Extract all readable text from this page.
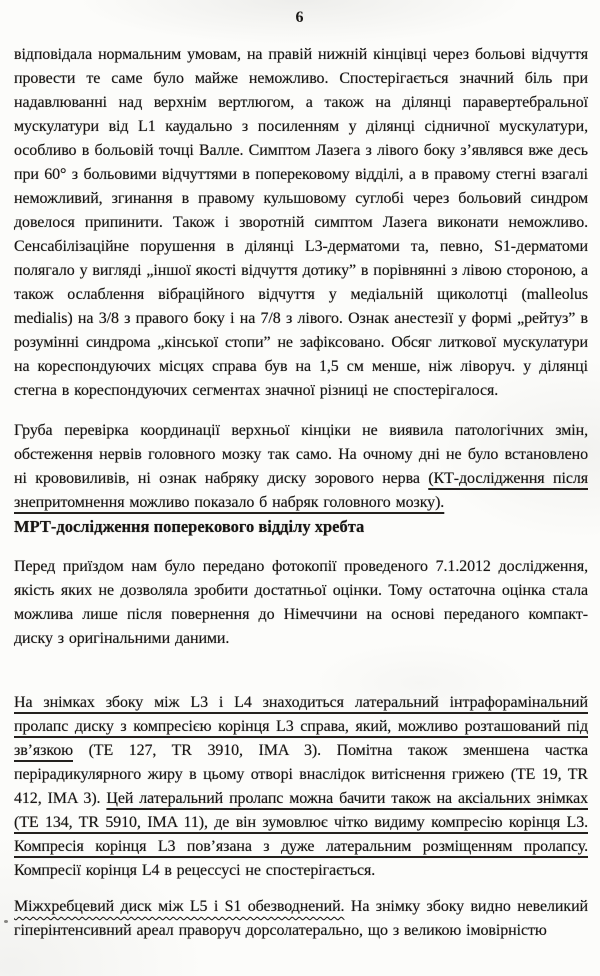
6

відповідала нормальним умовам, на правій нижній кінцівці через больові відчуття провести те саме було майже неможливо. Спостерігається значний біль при надавлюванні над верхнім вертлюгом, а також на ділянці паравертебральної мускулатури від L1 каудально з посиленням у ділянці сідничної мускулатури, особливо в больовій точці Валле. Симптом Лазега з лівого боку з’являвся вже десь при 60° з больовими відчуттями в поперековому відділі, а в правому стегні взагалі неможливий, згинання в правому кульшовому суглобі через больовий синдром довелося припинити. Також і зворотній симптом Лазега виконати неможливо. Сенсабілізаційне порушення в ділянці L3-дерматоми та, певно, S1-дерматоми полягало у вигляді „іншої якості відчуття дотику” в порівнянні з лівою стороною, а також ослаблення вібраційного відчуття у медіальній щиколотці (malleolus medialis) на 3/8 з правого боку і на 7/8 з лівого. Ознак анестезії у формі „рейтуз” в розумінні синдрома „кінської стопи” не зафіксовано. Обсяг литкової мускулатури на кореспондуючих місцях справа був на 1,5 см менше, ніж ліворуч. у ділянці стегна в кореспондуючих сегментах значної різниці не спостерігалося.

Груба перевірка координації верхньої кінціки не виявила патологічних змін, обстеження нервів головного мозку так само. На очному дні не було встановлено ні крововиливів, ні ознак набряку диску зорового нерва (КТ-дослідження після знепритомнення можливо показало б набряк головного мозку).

МРТ-дослідження поперекового відділу хребта

Перед приїздом нам було передано фотокопії проведеного 7.1.2012 дослідження, якість яких не дозволяла зробити достатньої оцінки. Тому остаточна оцінка стала можлива лише після повернення до Німеччини на основі переданого компакт-диску з оригінальними даними.

На знімках збоку між L3 і L4 знаходиться латеральний інтрафорамінальний пролапс диску з компресією корінця L3 справа, який, можливо розташований під зв’язкою (TE 127, TR 3910, IMA 3). Помітна також зменшена частка перірадикулярного жиру в цьому отворі внаслідок витіснення грижею (TE 19, TR 412, IMA 3). Цей латеральний пролапс можна бачити також на аксіальних знімках (TE 134, TR 5910, IMA 11), де він зумовлює чітко видиму компресію корінця L3. Компресія корінця L3 пов’язана з дуже латеральним розміщенням пролапсу. Компресії корінця L4 в рецессусі не спостерігається.

Міжхребцевий диск між L5 і S1 обезводнений. На знімку збоку видно невеликий гіперінтенсивний ареал праворуч дорсолатерально, що з великою імовірністю
